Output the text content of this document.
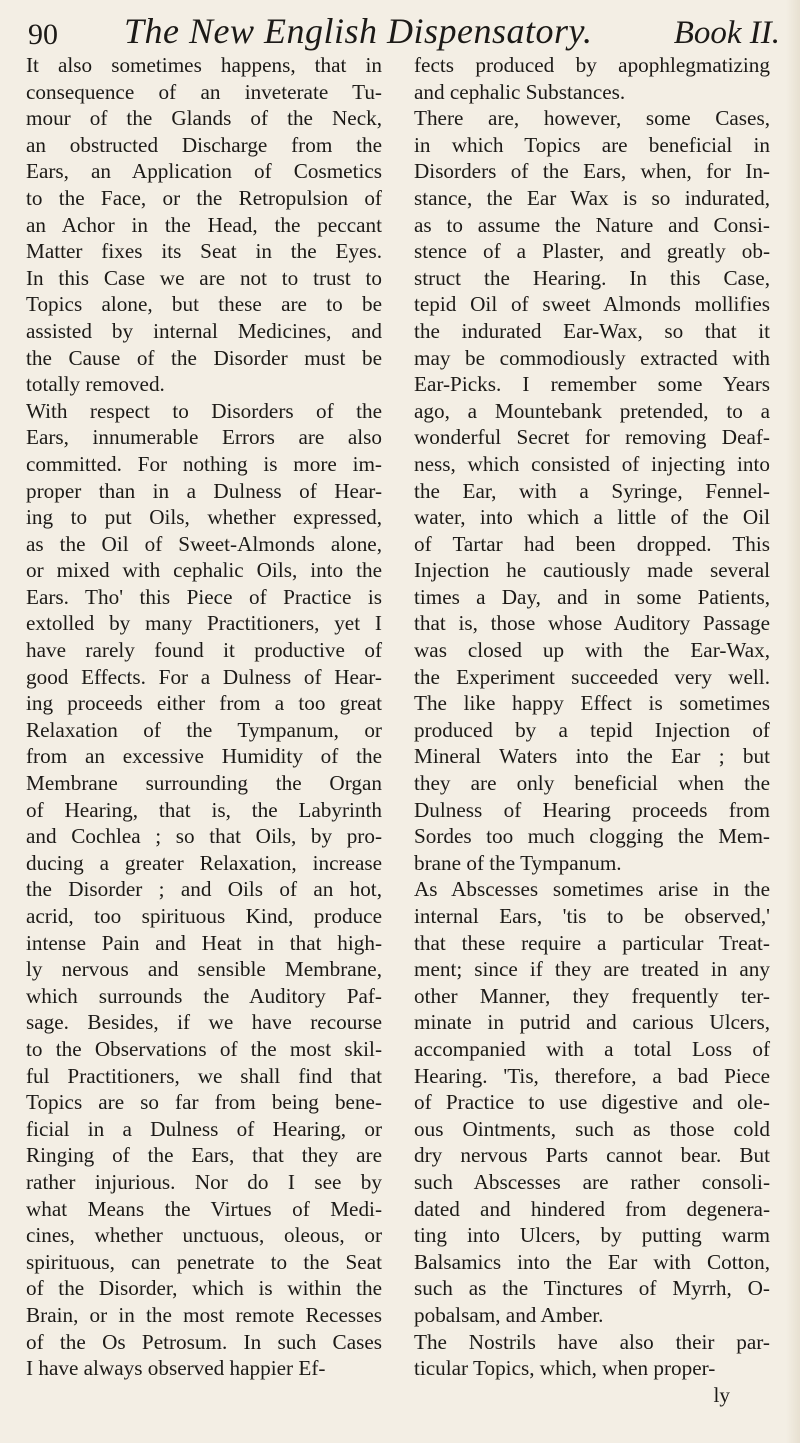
90	The New English Dispensatory. Book II.
It also sometimes happens, that in
consequence of an inveterate Tu-
mour of the Glands of the Neck,
an obstructed Discharge from the
Ears, an Application of Cosmetics
to the Face, or the Retropulsion of
an Achor in the Head, the peccant
Matter fixes its Seat in the Eyes.
In this Case we are not to trust to
Topics alone, but these are to be
assisted by internal Medicines, and
the Cause of the Disorder must be
totally removed.
With respect to Disorders of the
Ears, innumerable Errors are also
committed. For nothing is more im-
proper than in a Dulness of Hear-
ing to put Oils, whether expressed,
as the Oil of Sweet-Almonds alone,
or mixed with cephalic Oils, into the
Ears. Tho' this Piece of Practice is
extolled by many Practitioners, yet I
have rarely found it productive of
good Effects. For a Dulness of Hear-
ing proceeds either from a too great
Relaxation of the Tympanum, or
from an excessive Humidity of the
Membrane surrounding the Organ
of Hearing, that is, the Labyrinth
and Cochlea ; so that Oils, by pro-
ducing a greater Relaxation, increase
the Disorder ; and Oils of an hot,
acrid, too spirituous Kind, produce
intense Pain and Heat in that high-
ly nervous and sensible Membrane,
which surrounds the Auditory Paf-
sage. Besides, if we have recourse
to the Observations of the most skil-
ful Practitioners, we shall find that
Topics are so far from being bene-
ficial in a Dulness of Hearing, or
Ringing of the Ears, that they are
rather injurious. Nor do I see by
what Means the Virtues of Medi-
cines, whether unctuous, oleous, or
spirituous, can penetrate to the Seat
of the Disorder, which is within the
Brain, or in the most remote Recesses
of the Os Petrosum. In such Cases
I have always observed happier Ef-
fects produced by apophlegmatizing
and cephalic Substances.
There are, however, some Cases,
in which Topics are beneficial in
Disorders of the Ears, when, for In-
stance, the Ear Wax is so indurated,
as to assume the Nature and Consi-
stence of a Plaster, and greatly ob-
struct the Hearing. In this Case,
tepid Oil of sweet Almonds mollifies
the indurated Ear-Wax, so that it
may be commodiously extracted with
Ear-Picks. I remember some Years
ago, a Mountebank pretended, to a
wonderful Secret for removing Deaf-
ness, which consisted of injecting into
the Ear, with a Syringe, Fennel-
water, into which a little of the Oil
of Tartar had been dropped. This
Injection he cautiously made several
times a Day, and in some Patients,
that is, those whose Auditory Passage
was closed up with the Ear-Wax,
the Experiment succeeded very well.
The like happy Effect is sometimes
produced by a tepid Injection of
Mineral Waters into the Ear ; but
they are only beneficial when the
Dulness of Hearing proceeds from
Sordes too much clogging the Mem-
brane of the Tympanum.
As Abscesses sometimes arise in the
internal Ears, 'tis to be observed,'
that these require a particular Treat-
ment; since if they are treated in any
other Manner, they frequently ter-
minate in putrid and carious Ulcers,
accompanied with a total Loss of
Hearing. 'Tis, therefore, a bad Piece
of Practice to use digestive and ole-
ous Ointments, such as those cold
dry nervous Parts cannot bear. But
such Abscesses are rather consoli-
dated and hindered from degenera-
ting into Ulcers, by putting warm
Balsamics into the Ear with Cotton,
such as the Tinctures of Myrrh, O-
pobalsam, and Amber.
The Nostrils have also their par-
ticular Topics, which, when proper-
ly
